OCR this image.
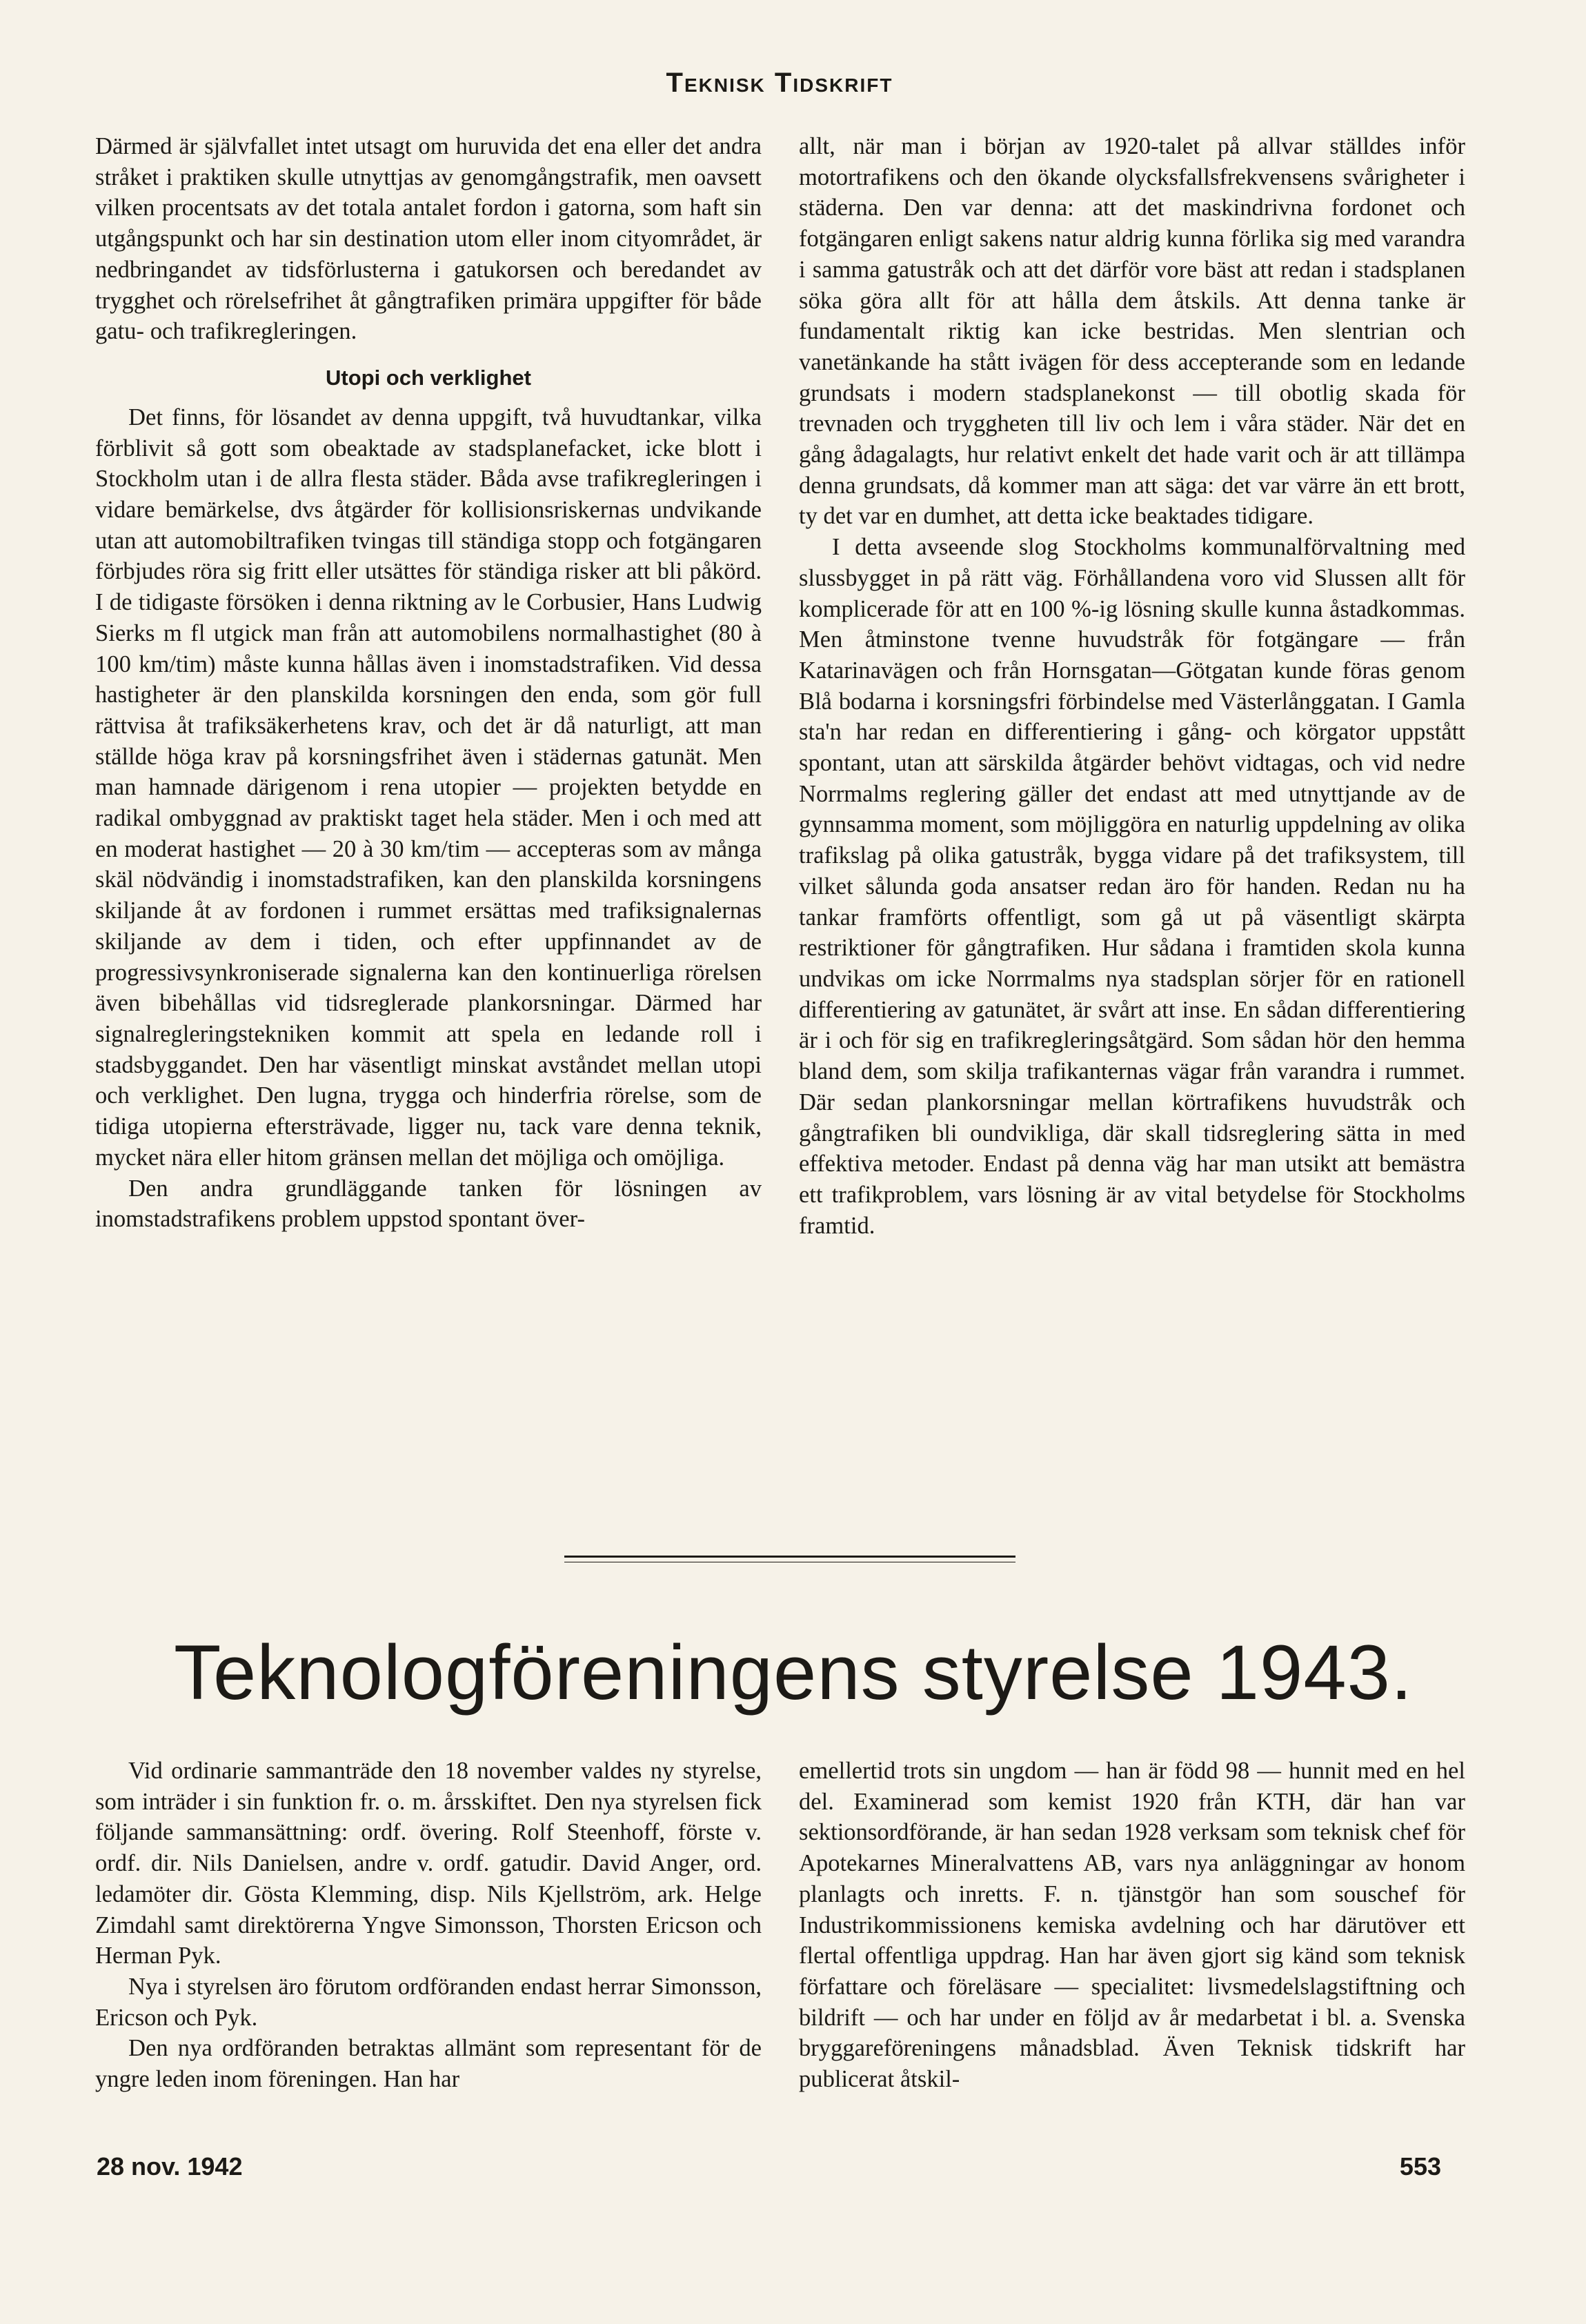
Teknisk Tidskrift

Därmed är självfallet intet utsagt om huruvida det ena eller det andra stråket i praktiken skulle utnyttjas av genomgångstrafik, men oavsett vilken procentsats av det totala antalet fordon i gatorna, som haft sin utgångspunkt och har sin destination utom eller inom cityområdet, är nedbringandet av tidsförlusterna i gatukorsen och beredandet av trygghet och rörelsefrihet åt gångtrafiken primära uppgifter för både gatu- och trafikregleringen.

Utopi och verklighet

Det finns, för lösandet av denna uppgift, två huvudtankar, vilka förblivit så gott som obeaktade av stadsplanefacket, icke blott i Stockholm utan i de allra flesta städer. Båda avse trafikregleringen i vidare bemärkelse, dvs åtgärder för kollisionsriskernas undvikande utan att automobiltrafiken tvingas till ständiga stopp och fotgängaren förbjudes röra sig fritt eller utsättes för ständiga risker att bli påkörd. I de tidigaste försöken i denna riktning av le Corbusier, Hans Ludwig Sierks m fl utgick man från att automobilens normalhastighet (80 à 100 km/tim) måste kunna hållas även i inomstadstrafiken. Vid dessa hastigheter är den planskilda korsningen den enda, som gör full rättvisa åt trafiksäkerhetens krav, och det är då naturligt, att man ställde höga krav på korsningsfrihet även i städernas gatunät. Men man hamnade därigenom i rena utopier — projekten betydde en radikal ombyggnad av praktiskt taget hela städer. Men i och med att en moderat hastighet — 20 à 30 km/tim — accepteras som av många skäl nödvändig i inomstadstrafiken, kan den planskilda korsningens skiljande åt av fordonen i rummet ersättas med trafiksignalernas skiljande av dem i tiden, och efter uppfinnandet av de progressivsynkroniserade signalerna kan den kontinuerliga rörelsen även bibehållas vid tidsreglerade plankorsningar. Därmed har signalregleringstekniken kommit att spela en ledande roll i stadsbyggandet. Den har väsentligt minskat avståndet mellan utopi och verklighet. Den lugna, trygga och hinderfria rörelse, som de tidiga utopierna eftersträvade, ligger nu, tack vare denna teknik, mycket nära eller hitom gränsen mellan det möjliga och omöjliga.

Den andra grundläggande tanken för lösningen av inomstadstrafikens problem uppstod spontant över-

allt, när man i början av 1920-talet på allvar ställdes inför motortrafikens och den ökande olycksfallsfrekvensens svårigheter i städerna. Den var denna: att det maskindrivna fordonet och fotgängaren enligt sakens natur aldrig kunna förlika sig med varandra i samma gatustråk och att det därför vore bäst att redan i stadsplanen söka göra allt för att hålla dem åtskils. Att denna tanke är fundamentalt riktig kan icke bestridas. Men slentrian och vanetänkande ha stått ivägen för dess accepterande som en ledande grundsats i modern stadsplanekonst — till obotlig skada för trevnaden och tryggheten till liv och lem i våra städer. När det en gång ådagalagts, hur relativt enkelt det hade varit och är att tillämpa denna grundsats, då kommer man att säga: det var värre än ett brott, ty det var en dumhet, att detta icke beaktades tidigare.

I detta avseende slog Stockholms kommunalförvaltning med slussbygget in på rätt väg. Förhållandena voro vid Slussen allt för komplicerade för att en 100 %-ig lösning skulle kunna åstadkommas. Men åtminstone tvenne huvudstråk för fotgängare — från Katarinavägen och från Hornsgatan—Götgatan kunde föras genom Blå bodarna i korsningsfri förbindelse med Västerlånggatan. I Gamla sta'n har redan en differentiering i gång- och körgator uppstått spontant, utan att särskilda åtgärder behövt vidtagas, och vid nedre Norrmalms reglering gäller det endast att med utnyttjande av de gynnsamma moment, som möjliggöra en naturlig uppdelning av olika trafikslag på olika gatustråk, bygga vidare på det trafiksystem, till vilket sålunda goda ansatser redan äro för handen. Redan nu ha tankar framförts offentligt, som gå ut på väsentligt skärpta restriktioner för gångtrafiken. Hur sådana i framtiden skola kunna undvikas om icke Norrmalms nya stadsplan sörjer för en rationell differentiering av gatunätet, är svårt att inse. En sådan differentiering är i och för sig en trafikregleringsåtgärd. Som sådan hör den hemma bland dem, som skilja trafikanternas vägar från varandra i rummet. Där sedan plankorsningar mellan körtrafikens huvudstråk och gångtrafiken bli oundvikliga, där skall tidsreglering sätta in med effektiva metoder. Endast på denna väg har man utsikt att bemästra ett trafikproblem, vars lösning är av vital betydelse för Stockholms framtid.

Teknologföreningens styrelse 1943.

Vid ordinarie sammanträde den 18 november valdes ny styrelse, som inträder i sin funktion fr. o. m. årsskiftet. Den nya styrelsen fick följande sammansättning: ordf. övering. Rolf Steenhoff, förste v. ordf. dir. Nils Danielsen, andre v. ordf. gatudir. David Anger, ord. ledamöter dir. Gösta Klemming, disp. Nils Kjellström, ark. Helge Zimdahl samt direktörerna Yngve Simonsson, Thorsten Ericson och Herman Pyk.

Nya i styrelsen äro förutom ordföranden endast herrar Simonsson, Ericson och Pyk.

Den nya ordföranden betraktas allmänt som representant för de yngre leden inom föreningen. Han har

emellertid trots sin ungdom — han är född 98 — hunnit med en hel del. Examinerad som kemist 1920 från KTH, där han var sektionsordförande, är han sedan 1928 verksam som teknisk chef för Apotekarnes Mineralvattens AB, vars nya anläggningar av honom planlagts och inretts. F. n. tjänstgör han som souschef för Industrikommissionens kemiska avdelning och har därutöver ett flertal offentliga uppdrag. Han har även gjort sig känd som teknisk författare och föreläsare — specialitet: livsmedelslagstiftning och bildrift — och har under en följd av år medarbetat i bl. a. Svenska bryggareföreningens månadsblad. Även Teknisk tidskrift har publicerat åtskil-

28 nov. 1942	553
